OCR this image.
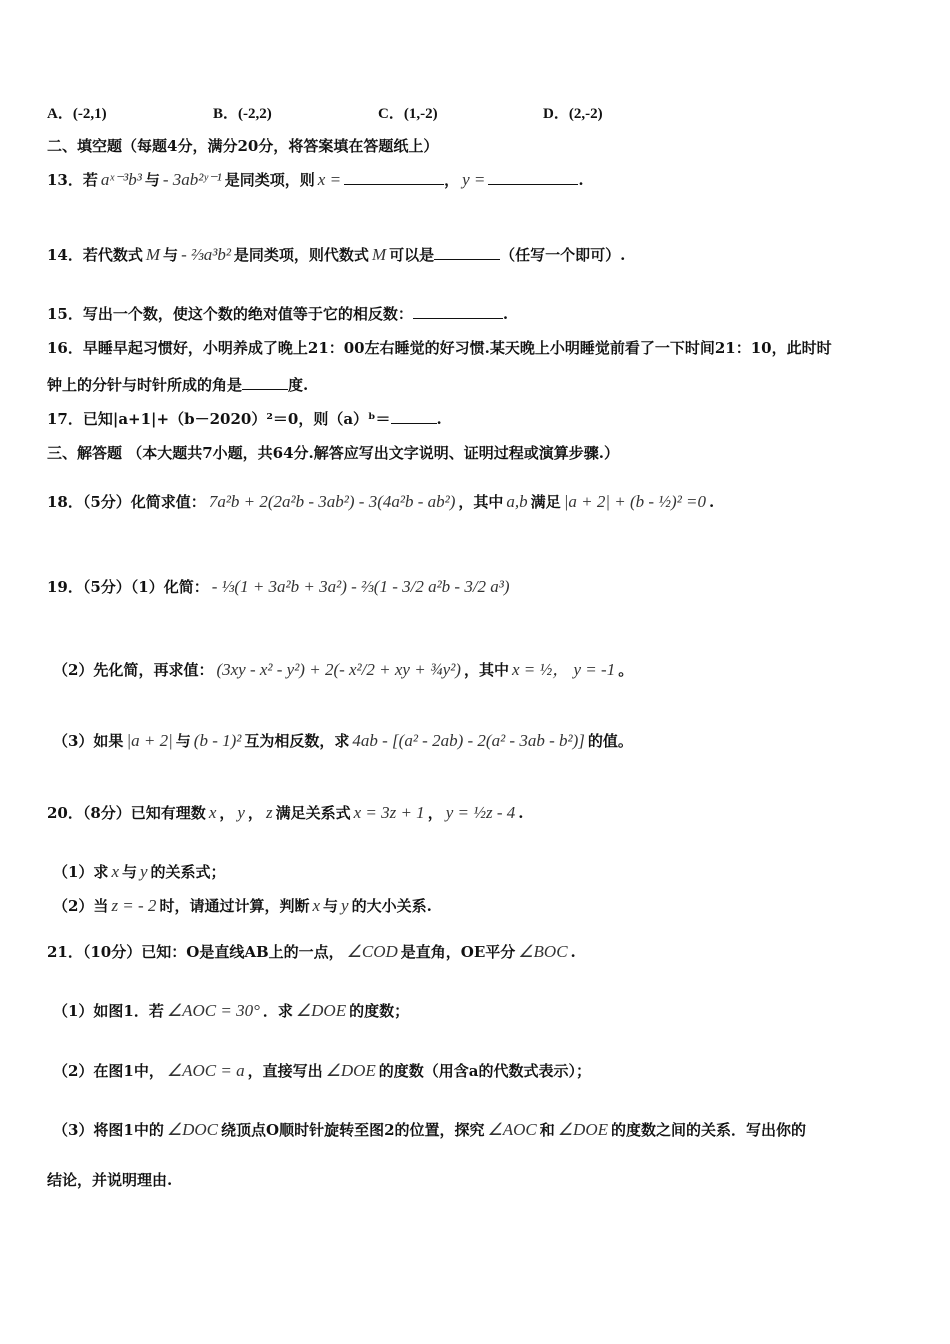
A．(-2,1)	B．(-2,2)	C．(1,-2)	D．(2,-2)
二、填空题（每题4分，满分20分，将答案填在答题纸上）
13．若 aˣ⁻³b³ 与 - 3ab²ʸ⁻¹ 是同类项，则 x =	， y =	.
14．若代数式 M 与 - ⅔a³b² 是同类项，则代数式 M 可以是	（任写一个即可）.
15．写出一个数，使这个数的绝对值等于它的相反数：	.
16．早睡早起习惯好，小明养成了晚上21：00左右睡觉的好习惯.某天晚上小明睡觉前看了一下时间21：10，此时时
钟上的分针与时针所成的角是	度.
17．已知|a+1|+（b－2020）²＝0，则（a）ᵇ＝	.
三、解答题 （本大题共7小题，共64分.解答应写出文字说明、证明过程或演算步骤.）
18．（5分）化简求值： 7a²b + 2(2a²b - 3ab²) - 3(4a²b - ab²) ，其中 a,b 满足 |a + 2| + (b - ½)² =0 .
19．（5分）（1）化简： - ⅓(1 + 3a²b + 3a²) - ⅔(1 - 3/2 a²b - 3/2 a³)
（2）先化简，再求值： (3xy - x² - y²) + 2(- x²/2 + xy + ¾y²) ，其中 x = ½， y = -1 。
（3）如果 |a + 2| 与 (b - 1)² 互为相反数，求 4ab - [(a² - 2ab) - 2(a² - 3ab - b²)] 的值。
20．（8分）已知有理数 x ， y ， z 满足关系式 x = 3z + 1 ， y = ½z - 4 .
（1）求 x 与 y 的关系式；
（2）当 z = - 2 时，请通过计算，判断 x 与 y 的大小关系.
21．（10分）已知：O是直线AB上的一点， ∠COD 是直角，OE平分 ∠BOC .
（1）如图1．若 ∠AOC = 30° ．求 ∠DOE 的度数；
（2）在图1中， ∠AOC = a ，直接写出 ∠DOE 的度数（用含a的代数式表示）；
（3）将图1中的 ∠DOC 绕顶点O顺时针旋转至图2的位置，探究 ∠AOC 和 ∠DOE 的度数之间的关系．写出你的
结论，并说明理由.
